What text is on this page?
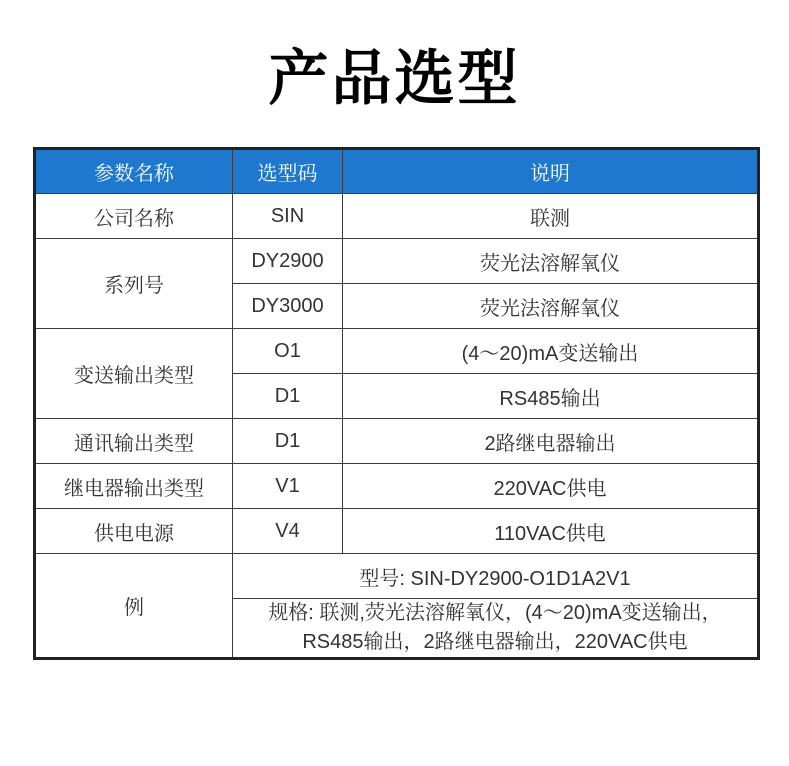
产品选型
参数名称	选型码	说明
公司名称	SIN	联测
系列号	DY2900	荧光法溶解氧仪
	DY3000	荧光法溶解氧仪
变送输出类型	O1	(4～20)mA变送输出
	D1	RS485输出
通讯输出类型	D1	2路继电器输出
继电器输出类型	V1	220VAC供电
供电电源	V4	110VAC供电
例	型号: SIN-DY2900-O1D1A2V1	

	规格: 联测,荧光法溶解氧仪，(4～20)mA变送输出，
RS485输出，2路继电器输出，220VAC供电	
